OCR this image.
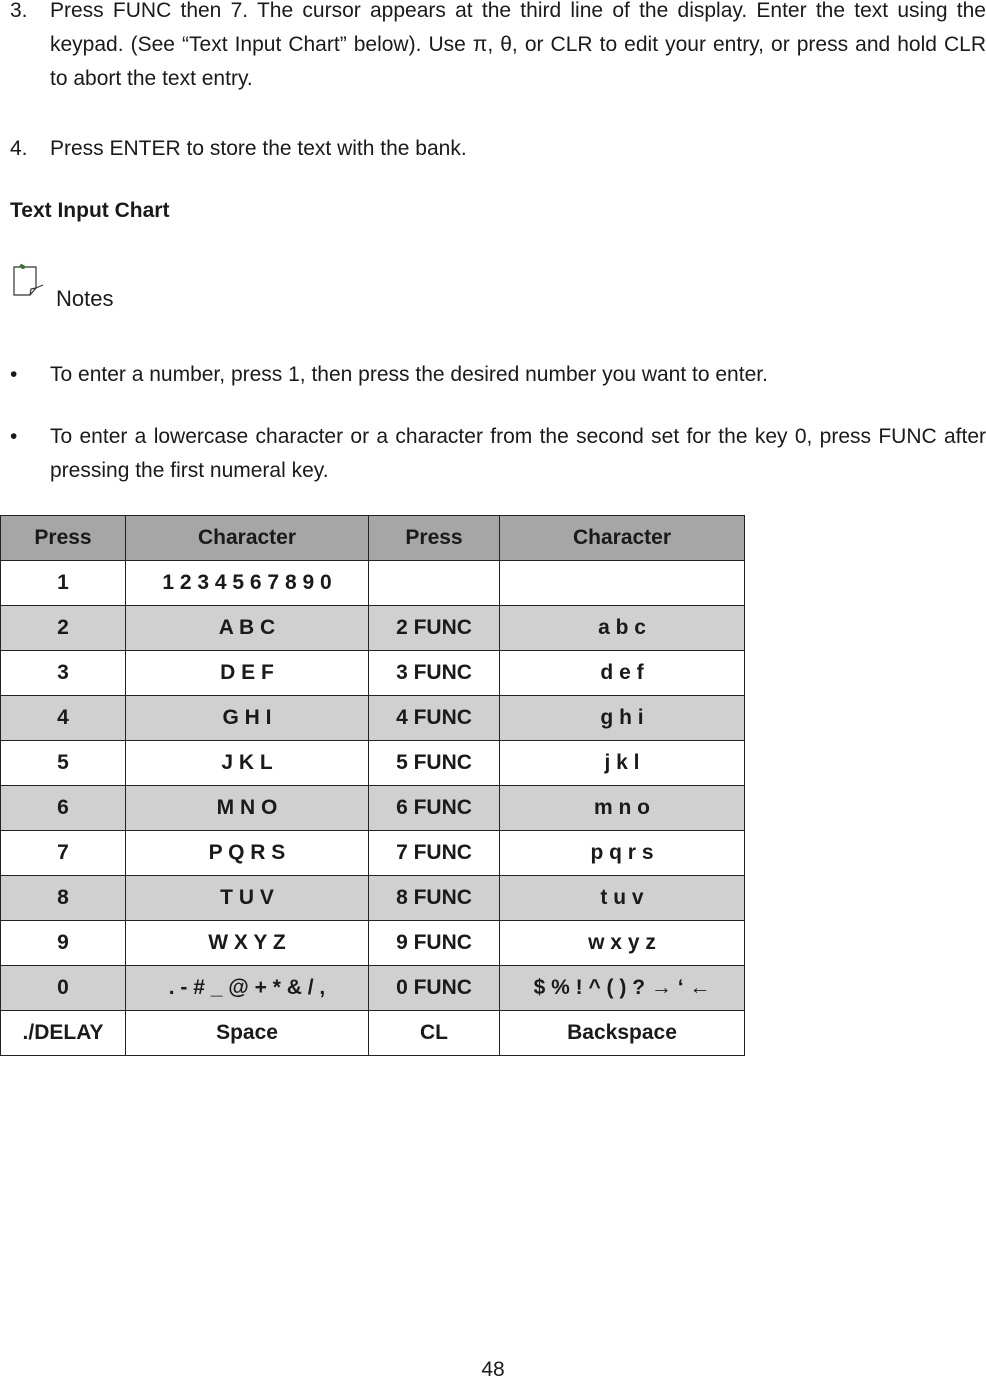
3. Press FUNC then 7. The cursor appears at the third line of the display. Enter the text using the keypad. (See “Text Input Chart” below). Use π, θ, or CLR to edit your entry, or press and hold CLR to abort the text entry.
4. Press ENTER to store the text with the bank.
Text Input Chart
Notes
• To enter a number, press 1, then press the desired number you want to enter.
• To enter a lowercase character or a character from the second set for the key 0, press FUNC after pressing the first numeral key.
Press	Character	Press	Character
1	1 2 3 4 5 6 7 8 9 0		
2	A B C	2 FUNC	a b c
3	D E F	3 FUNC	d e f
4	G H I	4 FUNC	g h i
5	J K L	5 FUNC	j k l
6	M N O	6 FUNC	m n o
7	P Q R S	7 FUNC	p q r s
8	T U V	8 FUNC	t u v
9	W X Y Z	9 FUNC	w x y z
0	. - # _ @ + * & / ,	0 FUNC	$ % ! ^ ( ) ? → ‘ ←
./DELAY	Space	CL	Backspace
48
